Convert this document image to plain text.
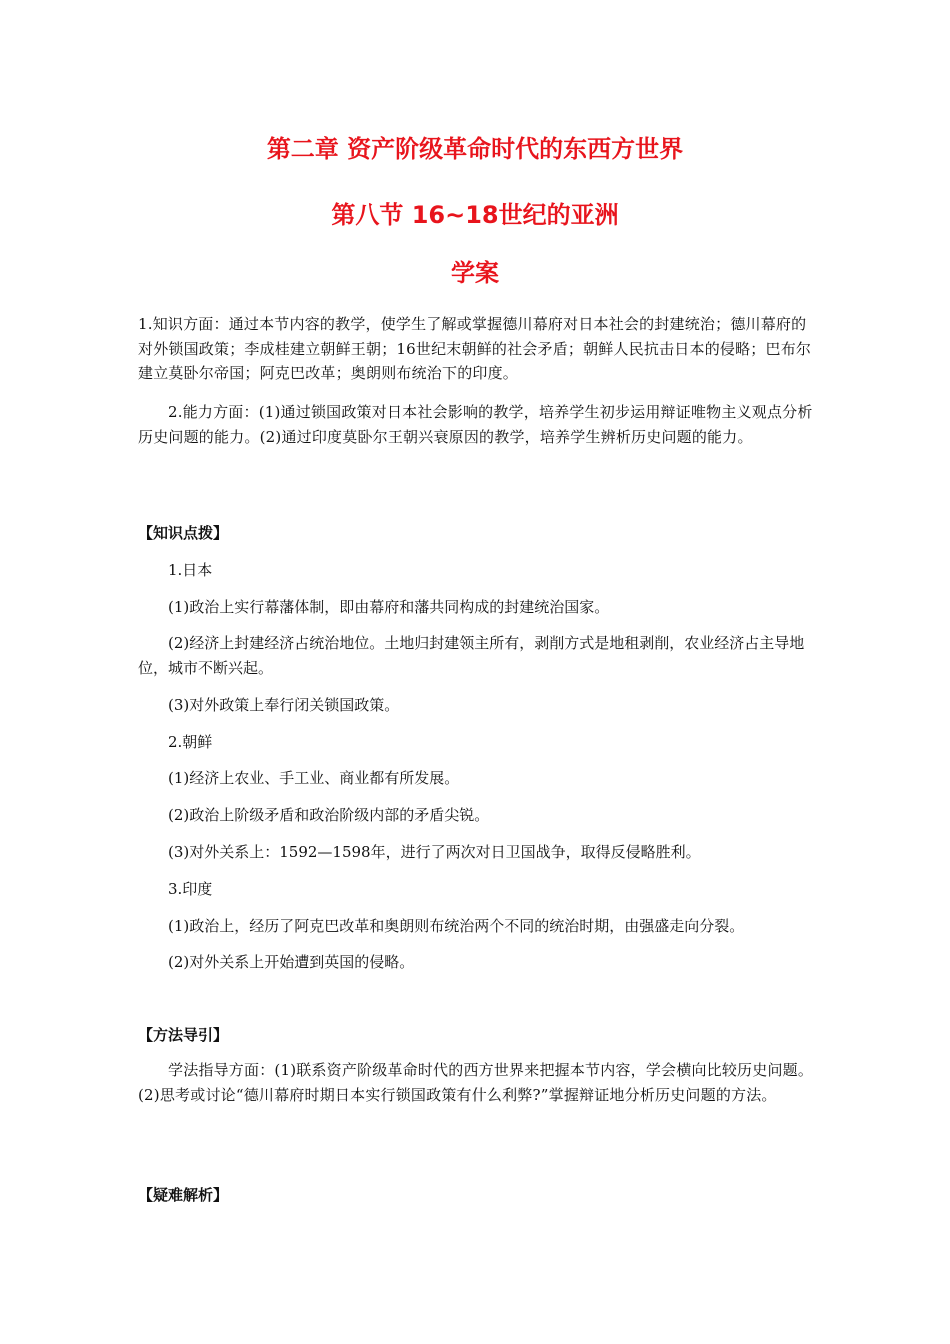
第二章 资产阶级革命时代的东西方世界
第八节 16~18世纪的亚洲
学案

1.知识方面：通过本节内容的教学，使学生了解或掌握德川幕府对日本社会的封建统治；德川幕府的对外锁国政策；李成桂建立朝鲜王朝；16世纪末朝鲜的社会矛盾；朝鲜人民抗击日本的侵略；巴布尔建立莫卧尔帝国；阿克巴改革；奥朗则布统治下的印度。

2.能力方面：(1)通过锁国政策对日本社会影响的教学，培养学生初步运用辩证唯物主义观点分析历史问题的能力。(2)通过印度莫卧尔王朝兴衰原因的教学，培养学生辨析历史问题的能力。

【知识点拨】
1.日本
(1)政治上实行幕藩体制，即由幕府和藩共同构成的封建统治国家。
(2)经济上封建经济占统治地位。土地归封建领主所有，剥削方式是地租剥削，农业经济占主导地位，城市不断兴起。
(3)对外政策上奉行闭关锁国政策。
2.朝鲜
(1)经济上农业、手工业、商业都有所发展。
(2)政治上阶级矛盾和政治阶级内部的矛盾尖锐。
(3)对外关系上：1592—1598年，进行了两次对日卫国战争，取得反侵略胜利。
3.印度
(1)政治上，经历了阿克巴改革和奥朗则布统治两个不同的统治时期，由强盛走向分裂。
(2)对外关系上开始遭到英国的侵略。
【方法导引】

学法指导方面：(1)联系资产阶级革命时代的西方世界来把握本节内容，学会横向比较历史问题。(2)思考或讨论“德川幕府时期日本实行锁国政策有什么利弊?”掌握辩证地分析历史问题的方法。

【疑难解析】
